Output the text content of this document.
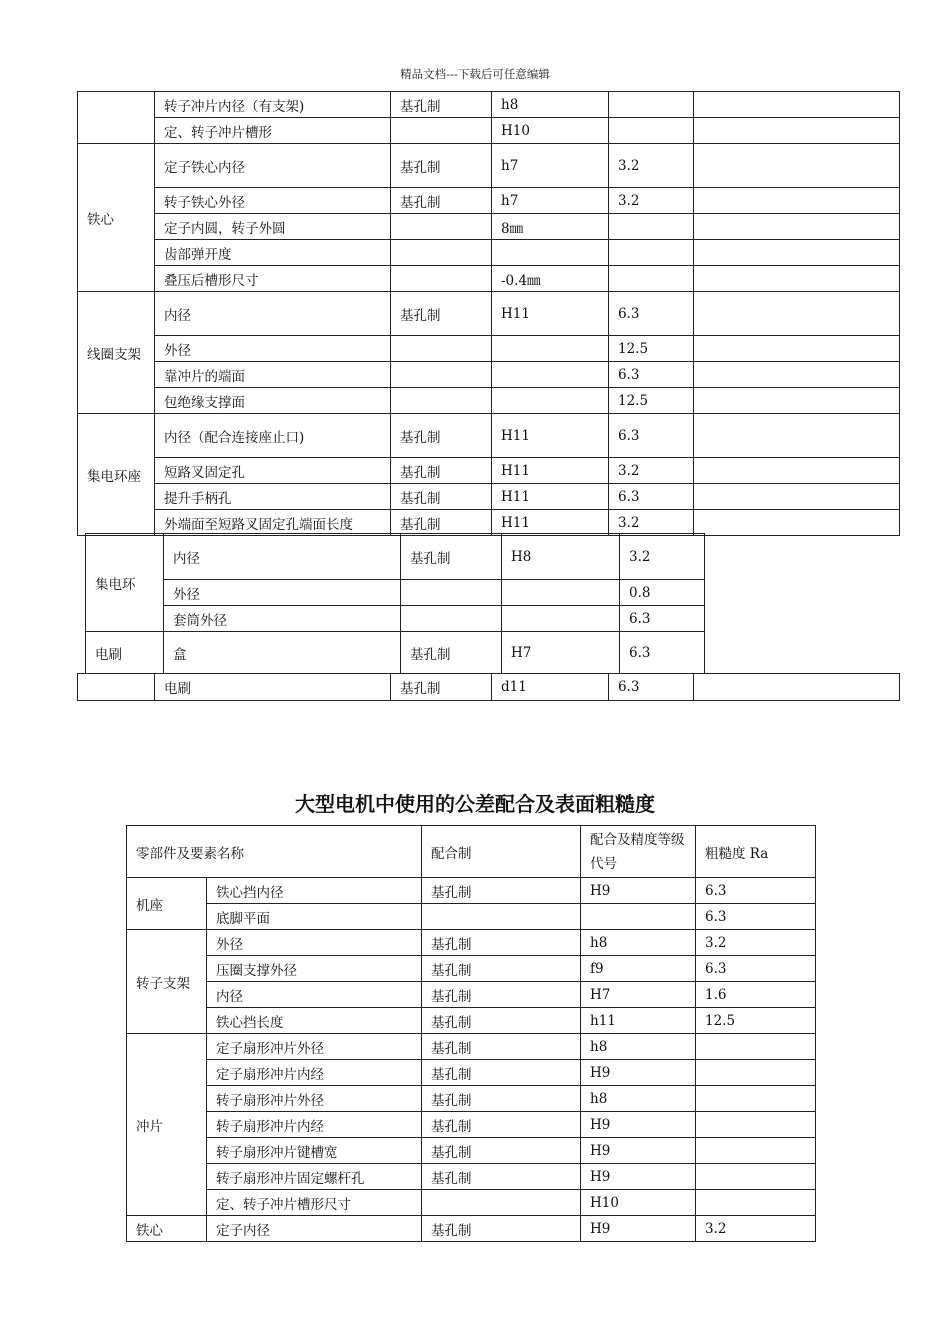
精品文档---下载后可任意编辑
	转子冲片内径（有支架)	基孔制	h8		
	定、转子冲片槽形		H10		
铁心	定子铁心内径	基孔制	h7	3.2	
	转子铁心外径	基孔制	h7	3.2	
	定子内圆，转子外圆		8㎜		
	齿部弹开度				
	叠压后槽形尺寸		-0.4㎜		
线圈支架	内径	基孔制	H11	6.3	
	外径			12.5	
	靠冲片的端面			6.3	
	包绝缘支撑面			12.5	
集电环座	内径（配合连接座止口)	基孔制	H11	6.3	
	短路叉固定孔	基孔制	H11	3.2	
	提升手柄孔	基孔制	H11	6.3	
	外端面至短路叉固定孔端面长度	基孔制	H11	3.2	
集电环	内径	基孔制	H8	3.2
	外径			0.8
	套筒外径			6.3
电刷	盒	基孔制	H7	6.3
	电刷	基孔制	d11	6.3	
大型电机中使用的公差配合及表面粗糙度
零部件及要素名称		配合制	配合及精度等级代号	粗糙度 Ra
机座	铁心挡内径	基孔制	H9	6.3
	底脚平面			6.3
转子支架	外径	基孔制	h8	3.2
	压圈支撑外径	基孔制	f9	6.3
	内径	基孔制	H7	1.6
	铁心挡长度	基孔制	h11	12.5
冲片	定子扇形冲片外径	基孔制	h8	
	定子扇形冲片内经	基孔制	H9	
	转子扇形冲片外径	基孔制	h8	
	转子扇形冲片内经	基孔制	H9	
	转子扇形冲片键槽宽	基孔制	H9	
	转子扇形冲片固定螺杆孔	基孔制	H9	
	定、转子冲片槽形尺寸		H10	
铁心	定子内径	基孔制	H9	3.2
